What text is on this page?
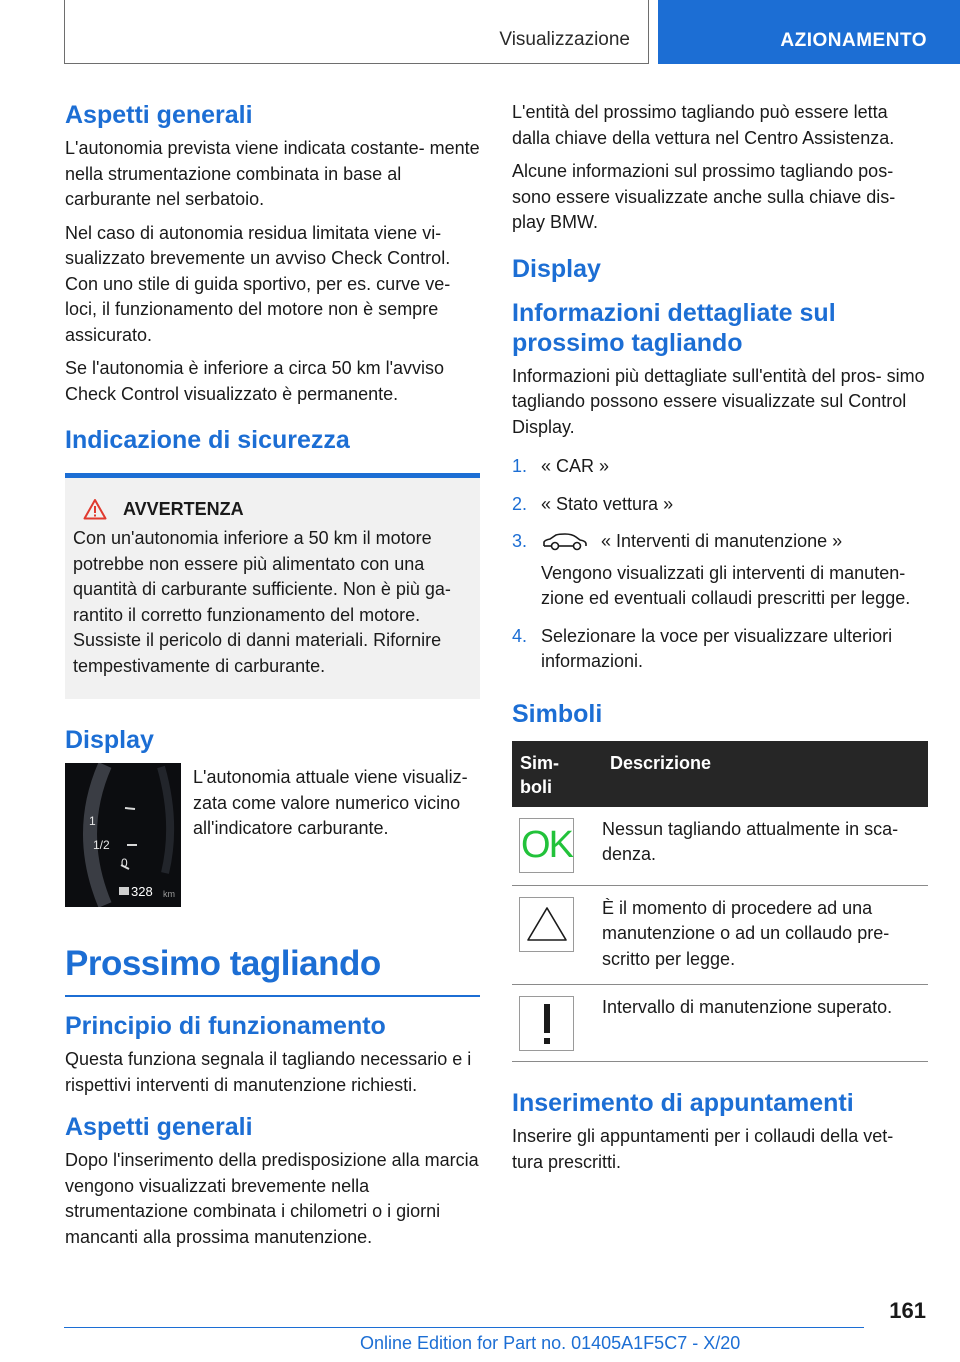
Visualizzazione	AZIONAMENTO
Aspetti generali

L'autonomia prevista viene indicata costante- mente nella strumentazione combinata in base al carburante nel serbatoio.

Nel caso di autonomia residua limitata viene vi- sualizzato brevemente un avviso Check Control. Con uno stile di guida sportivo, per es. curve ve- loci, il funzionamento del motore non è sempre assicurato.

Se l'autonomia è inferiore a circa 50 km l'avviso Check Control visualizzato è permanente.

Indicazione di sicurezza
AVVERTENZA

Con un'autonomia inferiore a 50 km il motore potrebbe non essere più alimentato con una quantità di carburante sufficiente. Non è più ga- rantito il corretto funzionamento del motore. Sussiste il pericolo di danni materiali. Rifornire tempestivamente di carburante.

Display
1
1/2
0
328 km

L'autonomia attuale viene visualiz- zata come valore numerico vicino all'indicatore carburante.

Prossimo tagliando
Principio di funzionamento

Questa funziona segnala il tagliando necessario e i rispettivi interventi di manutenzione richiesti.

Aspetti generali

Dopo l'inserimento della predisposizione alla marcia vengono visualizzati brevemente nella strumentazione combinata i chilometri o i giorni mancanti alla prossima manutenzione.

L'entità del prossimo tagliando può essere letta dalla chiave della vettura nel Centro Assistenza.

Alcune informazioni sul prossimo tagliando pos- sono essere visualizzate anche sulla chiave dis- play BMW.

Display
Informazioni dettagliate sul prossimo tagliando

Informazioni più dettagliate sull'entità del pros- simo tagliando possono essere visualizzate sul Control Display.

1. « CAR »

2. « Stato vettura »

3.	« Interventi di manutenzione »

Vengono visualizzati gli interventi di manuten- zione ed eventuali collaudi prescritti per legge.

4. Selezionare la voce per visualizzare ulteriori informazioni.

Simboli
Sim- boli	Descrizione

OK	Nessun tagliando attualmente in sca- denza.

	È il momento di procedere ad una manutenzione o ad un collaudo pre- scritto per legge.

	Intervallo di manutenzione superato.
Inserimento di appuntamenti

Inserire gli appuntamenti per i collaudi della vet- tura prescritti.

161
Online Edition for Part no. 01405A1F5C7 - X/20
